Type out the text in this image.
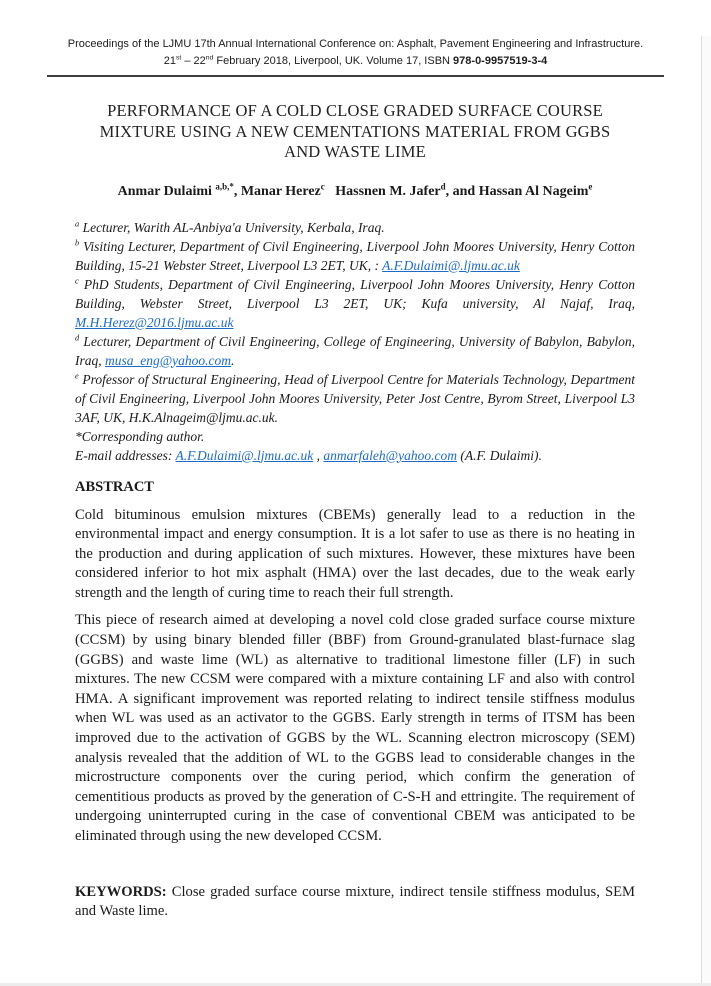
Proceedings of the LJMU 17th Annual International Conference on: Asphalt, Pavement Engineering and Infrastructure.
21st – 22nd February 2018, Liverpool, UK. Volume 17, ISBN 978-0-9957519-3-4
PERFORMANCE OF A COLD CLOSE GRADED SURFACE COURSE
MIXTURE USING A NEW CEMENTATIONS MATERIAL FROM GGBS
AND WASTE LIME
Anmar Dulaimi $^{a,b,*}$, Manar Herez$^c$   Hassnen M. Jafer$^d$, and Hassan Al Nageim$^e$

$^a$ Lecturer, Warith AL-Anbiya'a University, Kerbala, Iraq.

$^b$ Visiting Lecturer, Department of Civil Engineering, Liverpool John Moores University, Henry Cotton Building, 15-21 Webster Street, Liverpool L3 2ET, UK, : A.F.Dulaimi@.ljmu.ac.uk

$^c$ PhD Students, Department of Civil Engineering, Liverpool John Moores University, Henry Cotton Building, Webster Street, Liverpool L3 2ET, UK; Kufa university, Al Najaf, Iraq, M.H.Herez@2016.ljmu.ac.uk

$^d$ Lecturer, Department of Civil Engineering, College of Engineering, University of Babylon, Babylon, Iraq, musa_eng@yahoo.com.

$^e$ Professor of Structural Engineering, Head of Liverpool Centre for Materials Technology, Department of Civil Engineering, Liverpool John Moores University, Peter Jost Centre, Byrom Street, Liverpool L3 3AF, UK, H.K.Alnageim@ljmu.ac.uk.

*Corresponding author.

E-mail addresses: A.F.Dulaimi@.ljmu.ac.uk , anmarfaleh@yahoo.com (A.F. Dulaimi).

ABSTRACT

Cold bituminous emulsion mixtures (CBEMs) generally lead to a reduction in the environmental impact and energy consumption. It is a lot safer to use as there is no heating in the production and during application of such mixtures. However, these mixtures have been considered inferior to hot mix asphalt (HMA) over the last decades, due to the weak early strength and the length of curing time to reach their full strength.

This piece of research aimed at developing a novel cold close graded surface course mixture (CCSM) by using binary blended filler (BBF) from Ground-granulated blast-furnace slag (GGBS) and waste lime (WL) as alternative to traditional limestone filler (LF) in such mixtures. The new CCSM were compared with a mixture containing LF and also with control HMA. A significant improvement was reported relating to indirect tensile stiffness modulus when WL was used as an activator to the GGBS. Early strength in terms of ITSM has been improved due to the activation of GGBS by the WL. Scanning electron microscopy (SEM) analysis revealed that the addition of WL to the GGBS lead to considerable changes in the microstructure components over the curing period, which confirm the generation of cementitious products as proved by the generation of C-S-H and ettringite. The requirement of undergoing uninterrupted curing in the case of conventional CBEM was anticipated to be eliminated through using the new developed CCSM.

KEYWORDS: Close graded surface course mixture, indirect tensile stiffness modulus, SEM and Waste lime.
